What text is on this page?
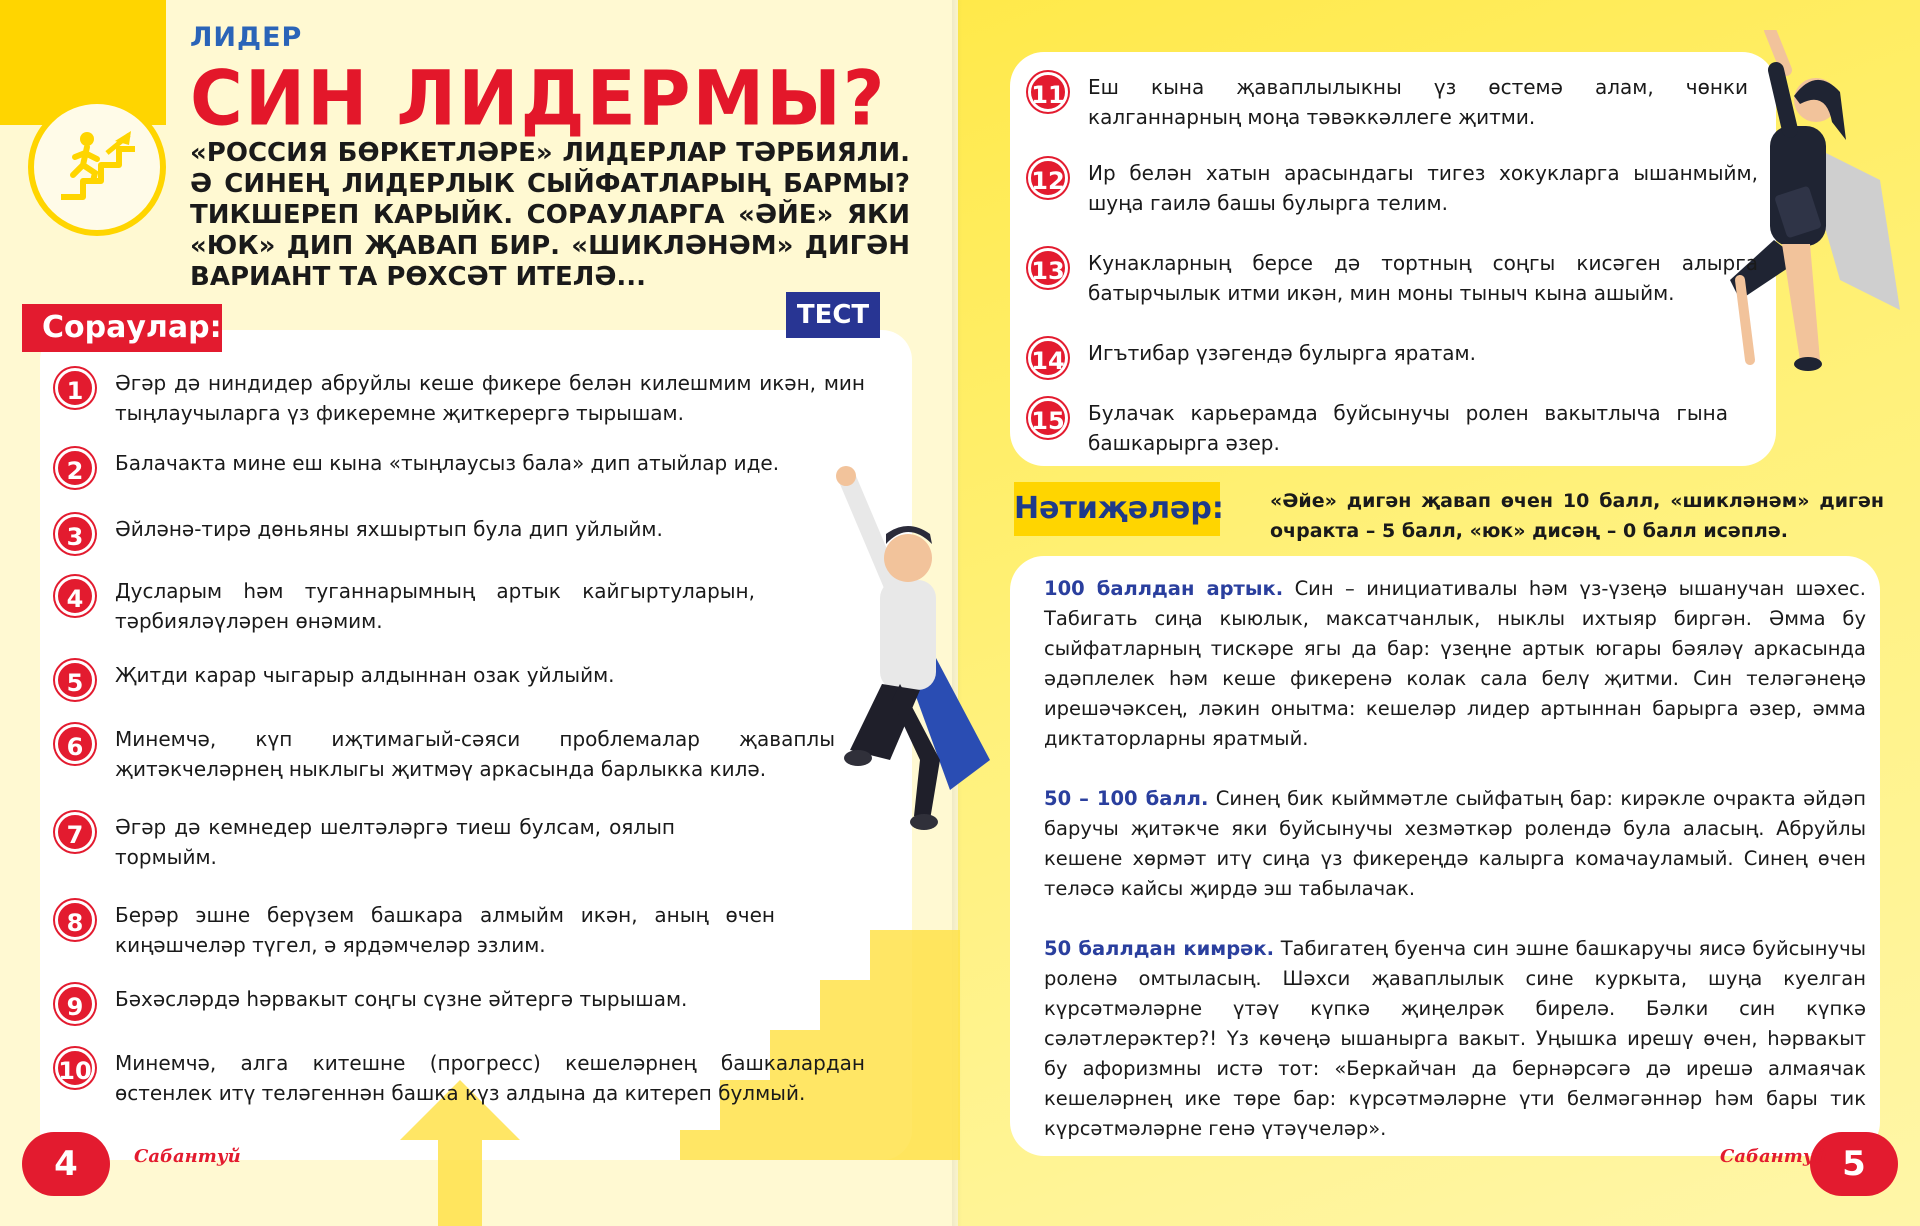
ЛИДЕР
СИН ЛИДЕРМЫ?
«РОССИЯ БӨРКЕТЛӘРЕ» ЛИДЕРЛАР ТӘРБИЯЛИ. Ә СИНЕҢ ЛИДЕРЛЫК СЫЙФАТЛАРЫҢ БАРМЫ? ТИКШЕРЕП КАРЫЙК. СОРАУЛАРГА «ӘЙЕ» ЯКИ «ЮК» ДИП ҖАВАП БИР. «ШИКЛӘНӘМ» ДИГӘН ВАРИАНТ ТА РӨХСӘТ ИТЕЛӘ...
Сораулар:	ТЕСТ
1	Әгәр дә ниндидер абруйлы кеше фикере белән килешмим икән, мин тыңлаучыларга үз фикеремне җиткерергә тырышам.
2	Балачакта мине еш кына «тыңлаусыз бала» дип атыйлар иде.
3	Әйләнә-тирә дөньяны яхшыртып була дип уйлыйм.
4	Дусларым һәм туганнарымның артык кайгыртуларын, тәрбияләүләрен өнәмим.
5	Җитди карар чыгарыр алдыннан озак уйлыйм.
6	Минемчә, күп иҗтимагый-сәяси проблемалар җаваплы җитәкчеләрнең ныклыгы җитмәү аркасында барлыкка килә.
7	Әгәр дә кемнедер шелтәләргә тиеш булсам, оялып тормыйм.
8	Берәр эшне берүзем башкара алмыйм икән, аның өчен киңәшчеләр түгел, ә ярдәмчеләр эзлим.
9	Бәхәсләрдә һәрвакыт соңгы сүзне әйтергә тырышам.
10 Минемчә, алга китешне (прогресс) кешеләрнең башкалардан өстенлек итү теләгеннән башка күз алдына да китереп булмый.
4	Сабантуй
11 Еш кына җаваплылыкны үз өстемә алам, чөнки калганнарның моңа тәвәккәллеге җитми.
12 Ир белән хатын арасындагы тигез хокукларга ышанмыйм, шуңа гаилә башы булырга телим.
13 Кунакларның берсе дә тортның соңгы кисәген алырга батырчылык итми икән, мин моны тыныч кына ашыйм.
14 Игътибар үзәгендә булырга яратам.
15 Булачак карьерамда буйсынучы ролен вакытлыча гына башкарырга әзер.
Нәтиҗәләр: «Әйе» дигән җавап өчен 10 балл, «шикләнәм» дигән очракта – 5 балл, «юк» дисәң – 0 балл исәплә.
100 баллдан артык. Син – инициативалы һәм үз-үзеңә ышанучан шәхес. Табигать сиңа кыюлык, максатчанлык, ныклы ихтыяр биргән. Әмма бу сыйфатларның тискәре ягы да бар: үзеңне артык югары бәяләү аркасында әдәплелек һәм кеше фикеренә колак сала белү җитми. Син теләгәнеңә ирешәчәксең, ләкин онытма: кешеләр лидер артыннан барырга әзер, әмма диктаторларны яратмый.
50 – 100 балл. Синең бик кыйммәтле сыйфатың бар: кирәкле очракта әйдәп баручы җитәкче яки буйсынучы хезмәткәр ролендә була аласың. Абруйлы кешене хөрмәт итү сиңа үз фикереңдә калырга комачауламый. Синең өчен теләсә кайсы җирдә эш табылачак.
50 баллдан кимрәк. Табигатең буенча син эшне башкаручы яисә буйсынучы роленә омтыласың. Шәхси җаваплылык сине куркыта, шуңа куелган күрсәтмәләрне үтәү күпкә җиңелрәк бирелә. Бәлки син күпкә сәләтлерәктер?! Үз көчеңә ышанырга вакыт. Уңышка ирешү өчен, һәрвакыт бу афоризмны истә тот: «Беркайчан да бернәрсәгә дә ирешә алмаячак кешеләрнең ике төре бар: күрсәтмәләрне үти белмәгәннәр һәм бары тик күрсәтмәләрне генә үтәүчеләр».
5
Сабантуй
